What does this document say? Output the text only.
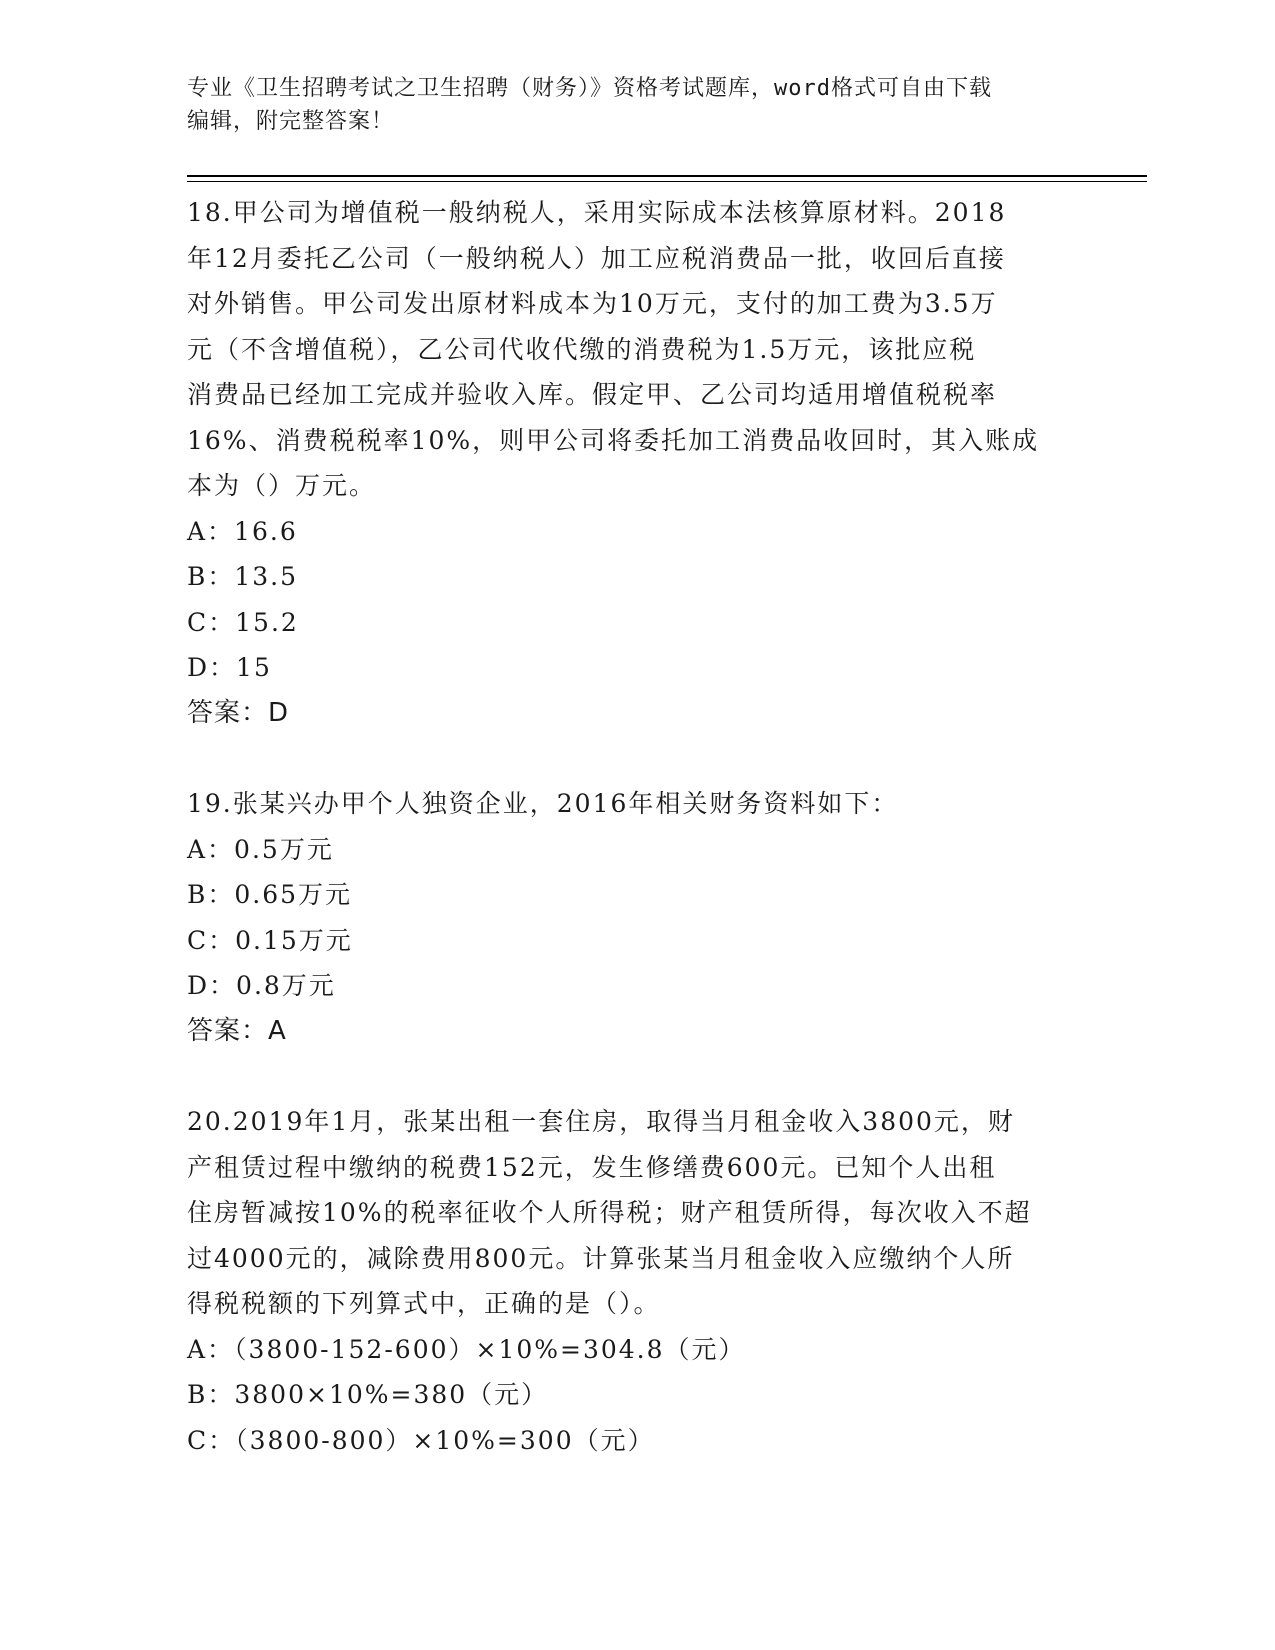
专业《卫生招聘考试之卫生招聘（财务）》资格考试题库，word格式可自由下载
编辑，附完整答案！
18.甲公司为增值税一般纳税人，采用实际成本法核算原材料。2018
年12月委托乙公司（一般纳税人）加工应税消费品一批，收回后直接
对外销售。甲公司发出原材料成本为10万元，支付的加工费为3.5万
元（不含增值税），乙公司代收代缴的消费税为1.5万元，该批应税
消费品已经加工完成并验收入库。假定甲、乙公司均适用增值税税率
16%、消费税税率10%，则甲公司将委托加工消费品收回时，其入账成
本为（）万元。
A：16.6
B：13.5
C：15.2
D：15
答案：D
19.张某兴办甲个人独资企业，2016年相关财务资料如下：
A：0.5万元
B：0.65万元
C：0.15万元
D：0.8万元
答案：A
20.2019年1月，张某出租一套住房，取得当月租金收入3800元，财
产租赁过程中缴纳的税费152元，发生修缮费600元。已知个人出租
住房暂减按10%的税率征收个人所得税；财产租赁所得，每次收入不超
过4000元的，减除费用800元。计算张某当月租金收入应缴纳个人所
得税税额的下列算式中，正确的是（）。
A：（3800-152-600）×10%=304.8（元）
B：3800×10%=380（元）
C：（3800-800）×10%=300（元）
